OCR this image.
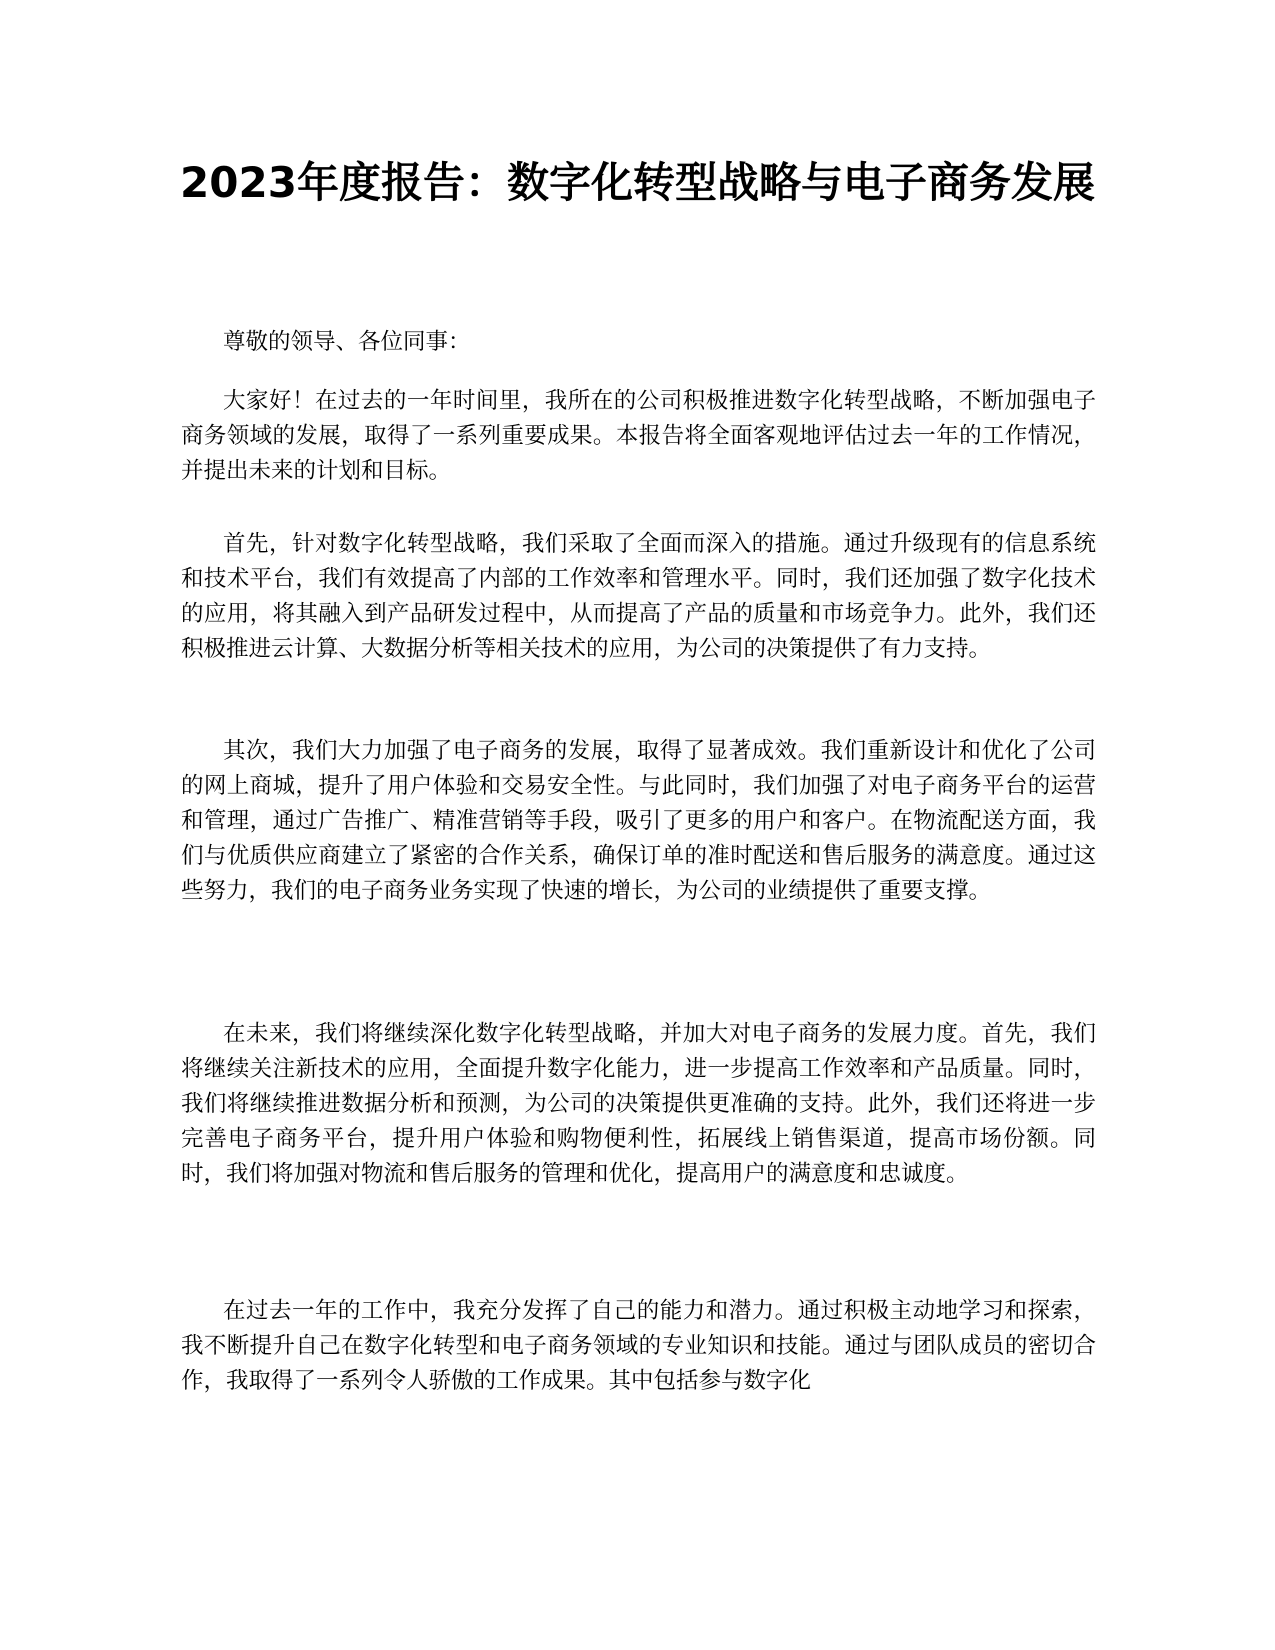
2023年度报告：数字化转型战略与电子商务发展

尊敬的领导、各位同事：

大家好！在过去的一年时间里，我所在的公司积极推进数字化转型战略，不断加强电子商务领域的发展，取得了一系列重要成果。本报告将全面客观地评估过去一年的工作情况，并提出未来的计划和目标。

首先，针对数字化转型战略，我们采取了全面而深入的措施。通过升级现有的信息系统和技术平台，我们有效提高了内部的工作效率和管理水平。同时，我们还加强了数字化技术的应用，将其融入到产品研发过程中，从而提高了产品的质量和市场竞争力。此外，我们还积极推进云计算、大数据分析等相关技术的应用，为公司的决策提供了有力支持。

其次，我们大力加强了电子商务的发展，取得了显著成效。我们重新设计和优化了公司的网上商城，提升了用户体验和交易安全性。与此同时，我们加强了对电子商务平台的运营和管理，通过广告推广、精准营销等手段，吸引了更多的用户和客户。在物流配送方面，我们与优质供应商建立了紧密的合作关系，确保订单的准时配送和售后服务的满意度。通过这些努力，我们的电子商务业务实现了快速的增长，为公司的业绩提供了重要支撑。

在未来，我们将继续深化数字化转型战略，并加大对电子商务的发展力度。首先，我们将继续关注新技术的应用，全面提升数字化能力，进一步提高工作效率和产品质量。同时，我们将继续推进数据分析和预测，为公司的决策提供更准确的支持。此外，我们还将进一步完善电子商务平台，提升用户体验和购物便利性，拓展线上销售渠道，提高市场份额。同时，我们将加强对物流和售后服务的管理和优化，提高用户的满意度和忠诚度。

在过去一年的工作中，我充分发挥了自己的能力和潜力。通过积极主动地学习和探索，我不断提升自己在数字化转型和电子商务领域的专业知识和技能。通过与团队成员的密切合作，我取得了一系列令人骄傲的工作成果。其中包括参与数字化
